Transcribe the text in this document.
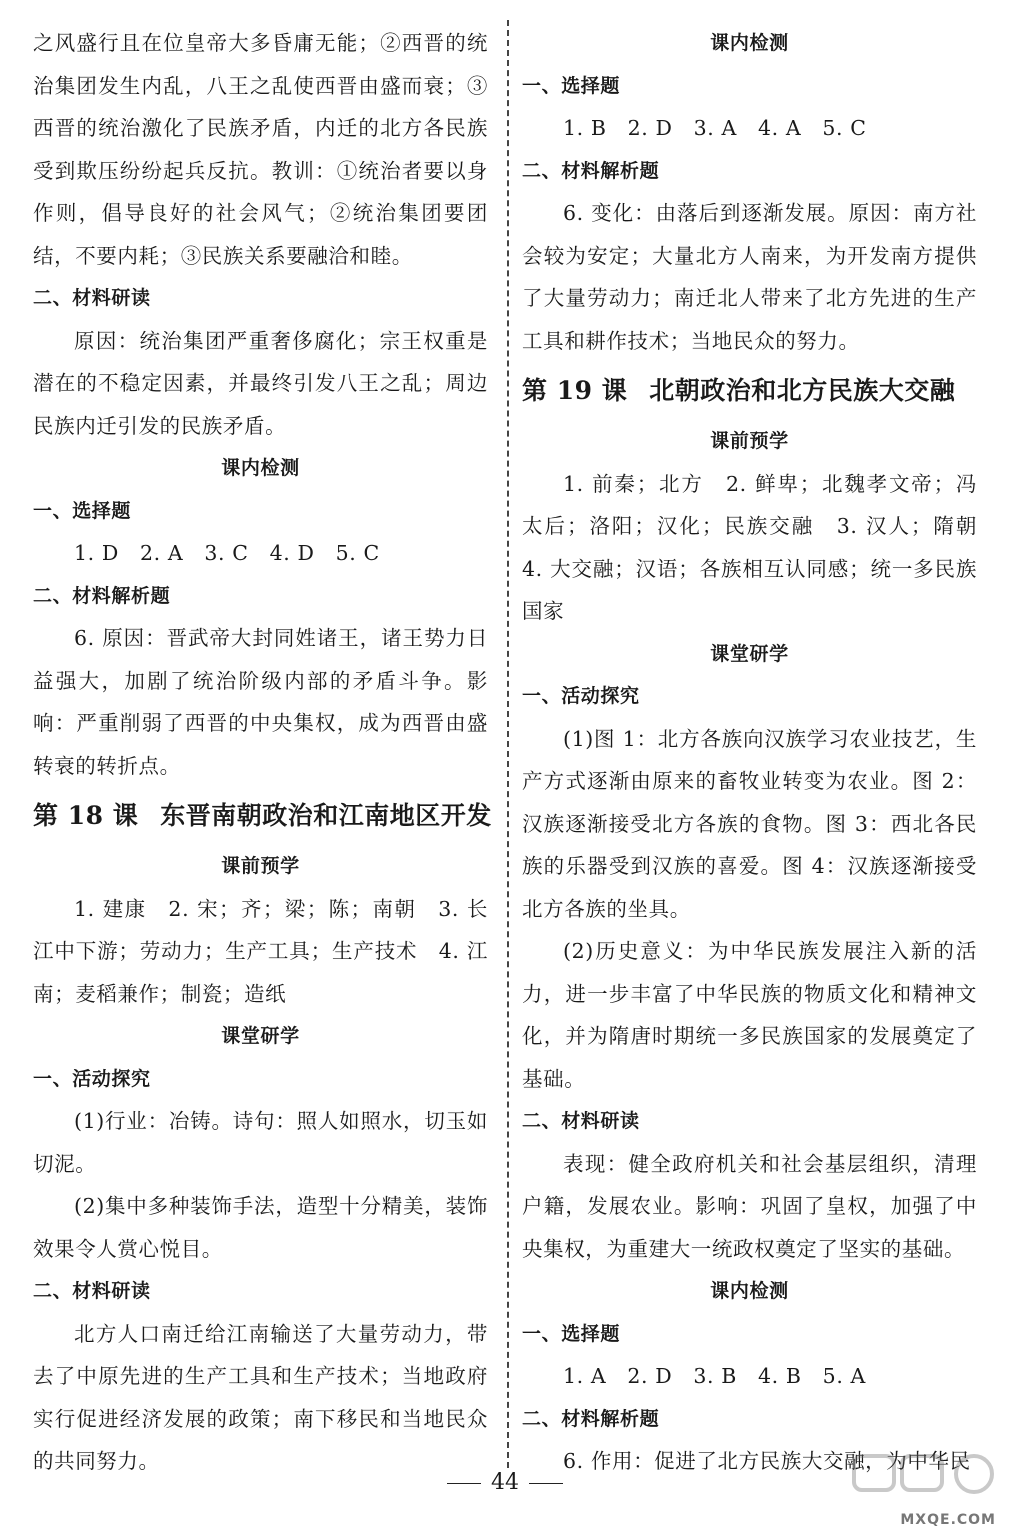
之风盛行且在位皇帝大多昏庸无能；②西晋的统治集团发生内乱，八王之乱使西晋由盛而衰；③西晋的统治激化了民族矛盾，内迁的北方各民族受到欺压纷纷起兵反抗。教训：①统治者要以身作则，倡导良好的社会风气；②统治集团要团结，不要内耗；③民族关系要融洽和睦。

二、材料研读

原因：统治集团严重奢侈腐化；宗王权重是潜在的不稳定因素，并最终引发八王之乱；周边民族内迁引发的民族矛盾。

课内检测

一、选择题

1. D　2. A　3. C　4. D　5. C

二、材料解析题

6. 原因：晋武帝大封同姓诸王，诸王势力日益强大，加剧了统治阶级内部的矛盾斗争。影响：严重削弱了西晋的中央集权，成为西晋由盛转衰的转折点。

第 18 课 东晋南朝政治和江南地区开发

课前预学

1. 建康　2. 宋；齐；梁；陈；南朝　3. 长江中下游；劳动力；生产工具；生产技术　4. 江南；麦稻兼作；制瓷；造纸

课堂研学

一、活动探究

(1)行业：冶铸。诗句：照人如照水，切玉如切泥。

(2)集中多种装饰手法，造型十分精美，装饰效果令人赏心悦目。

二、材料研读

北方人口南迁给江南输送了大量劳动力，带去了中原先进的生产工具和生产技术；当地政府实行促进经济发展的政策；南下移民和当地民众的共同努力。

课内检测

一、选择题

1. B　2. D　3. A　4. A　5. C

二、材料解析题

6. 变化：由落后到逐渐发展。原因：南方社会较为安定；大量北方人南来，为开发南方提供了大量劳动力；南迁北人带来了北方先进的生产工具和耕作技术；当地民众的努力。

第 19 课 北朝政治和北方民族大交融

课前预学

1. 前秦；北方　2. 鲜卑；北魏孝文帝；冯太后；洛阳；汉化；民族交融　3. 汉人；隋朝　4. 大交融；汉语；各族相互认同感；统一多民族国家

课堂研学

一、活动探究

(1)图 1：北方各族向汉族学习农业技艺，生产方式逐渐由原来的畜牧业转变为农业。图 2：汉族逐渐接受北方各族的食物。图 3：西北各民族的乐器受到汉族的喜爱。图 4：汉族逐渐接受北方各族的坐具。

(2)历史意义：为中华民族发展注入新的活力，进一步丰富了中华民族的物质文化和精神文化，并为隋唐时期统一多民族国家的发展奠定了基础。

二、材料研读

表现：健全政府机关和社会基层组织，清理户籍，发展农业。影响：巩固了皇权，加强了中央集权，为重建大一统政权奠定了坚实的基础。

课内检测

一、选择题

1. A　2. D　3. B　4. B　5. A

二、材料解析题

6. 作用：促进了北方民族大交融，为中华民

44
MXQE.COM
